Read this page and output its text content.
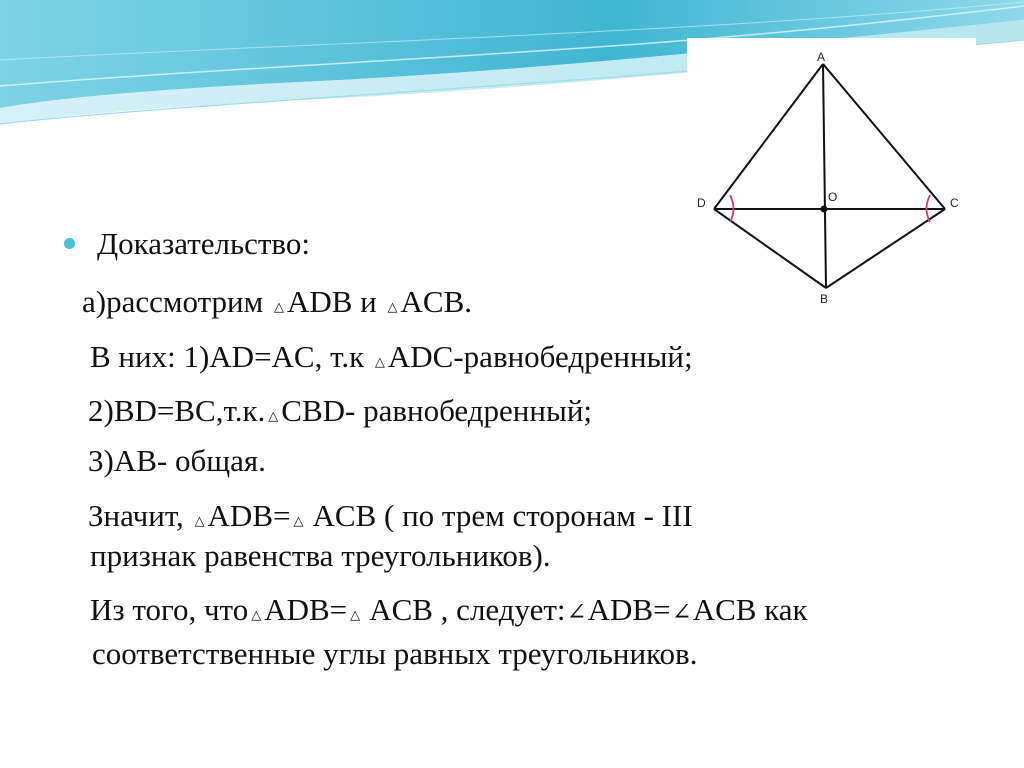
A
B
C
D	O
Доказательство:
а)рассмотрим △ADB и △ACB.
В них: 1)AD=AC, т.к △ADC-равнобедренный;
2)BD=BC,т.к. △CBD- равнобедренный;
3)AB- общая.
Значит, △ADB= △ ACB ( по трем сторонам - III
признак равенства треугольников).
Из того, что △ADB= △ ACB , следует:∠ADB=∠ACB как
соответственные углы равных треугольников.
